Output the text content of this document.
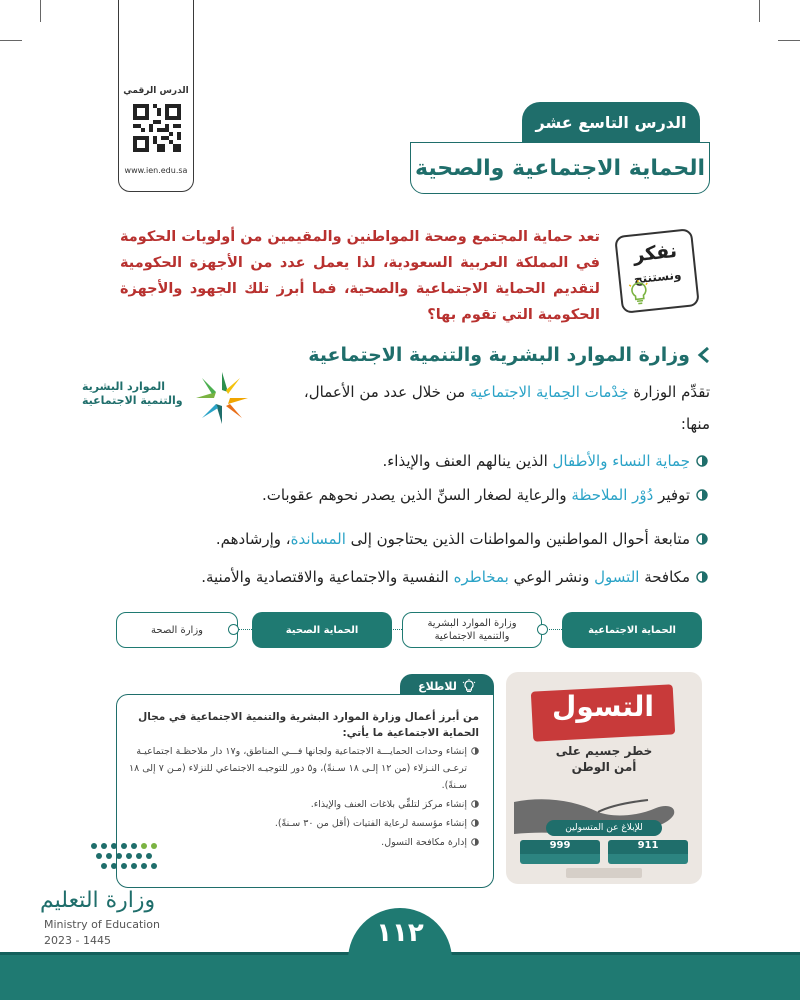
الدرس الرقمي
www.ien.edu.sa
الدرس التاسع عشر
الحماية الاجتماعية والصحية
نفكر
ونستنتج
تعد حماية المجتمع وصحة المواطنين والمقيمين من أولويات الحكومة في المملكة العربية السعودية، لذا يعمل عدد من الأجهزة الحكومية لتقديم الحماية الاجتماعية والصحية، فما أبرز تلك الجهود والأجهزة الحكومية التي تقوم بها؟
وزارة الموارد البشرية والتنمية الاجتماعية
تقدِّم الوزارة خِدْمات الحِماية الاجتماعية من خلال عدد من الأعمال، منها:
الموارد البشرية
والتنمية الاجتماعية
حِماية النساء والأطفال الذين ينالهم العنف والإيذاء.
توفير دُوْر الملاحظة والرعاية لصغار السنِّ الذين يصدر نحوهم عقوبات.
متابعة أحوال المواطنين والمواطنات الذين يحتاجون إلى المساندة، وإرشادهم.
مكافحة التسول ونشر الوعي بمخاطره النفسية والاجتماعية والاقتصادية والأمنية.
الحماية الاجتماعية
وزارة الموارد البشرية
والتنمية الاجتماعية
الحماية الصحية
وزارة الصحة
التسول
خطر جسيم على
أمن الوطن
للإبلاغ عن المتسولين
911
999
للاطلاع
من أبرز أعمال وزارة الموارد البشرية والتنمية الاجتماعية في مجال الحماية الاجتماعية ما يأتي:
إنشاء وحدات الحمايـــة الاجتماعية ولجانها فـــي المناطق، و١٧ دار ملاحظـة اجتماعيـة ترعـى النـزلاء (من ١٢ إلـى ١٨ سـنةً)، و٥ دور للتوجيـه الاجتماعي للنزلاء (مـن ٧ إلى ١٨ سـنةً).
إنشاء مركز لتلقِّي بلاغات العنف والإيذاء.
إنشاء مؤسسة لرعاية الفتيات (أقل من ٣٠ سـنةً).
إدارة مكافحة التسول.
وزارة التعليم
Ministry of Education
2023 - 1445	١١٢
